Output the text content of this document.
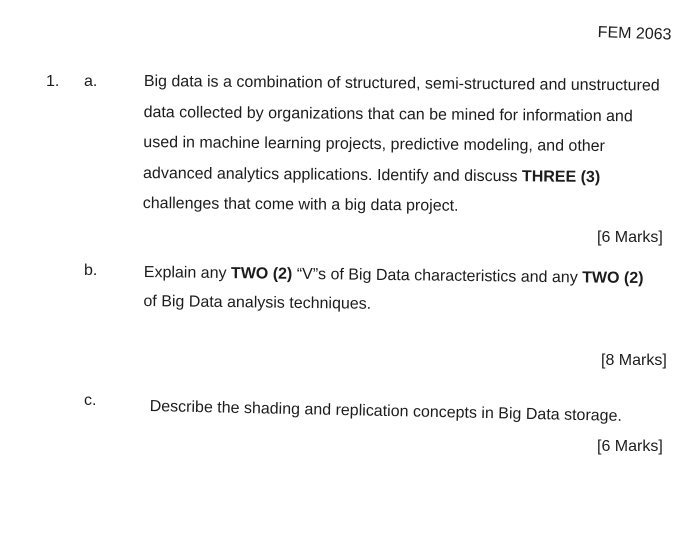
FEM 2063
1. a.	Big data is a combination of structured, semi-structured and unstructured
data collected by organizations that can be mined for information and
used in machine learning projects, predictive modeling, and other
advanced analytics applications. Identify and discuss THREE (3)
challenges that come with a big data project.
[6 Marks]
b.	Explain any TWO (2) “V”s of Big Data characteristics and any TWO (2)
of Big Data analysis techniques.
[8 Marks]
c.	Describe the shading and replication concepts in Big Data storage.
[6 Marks]
